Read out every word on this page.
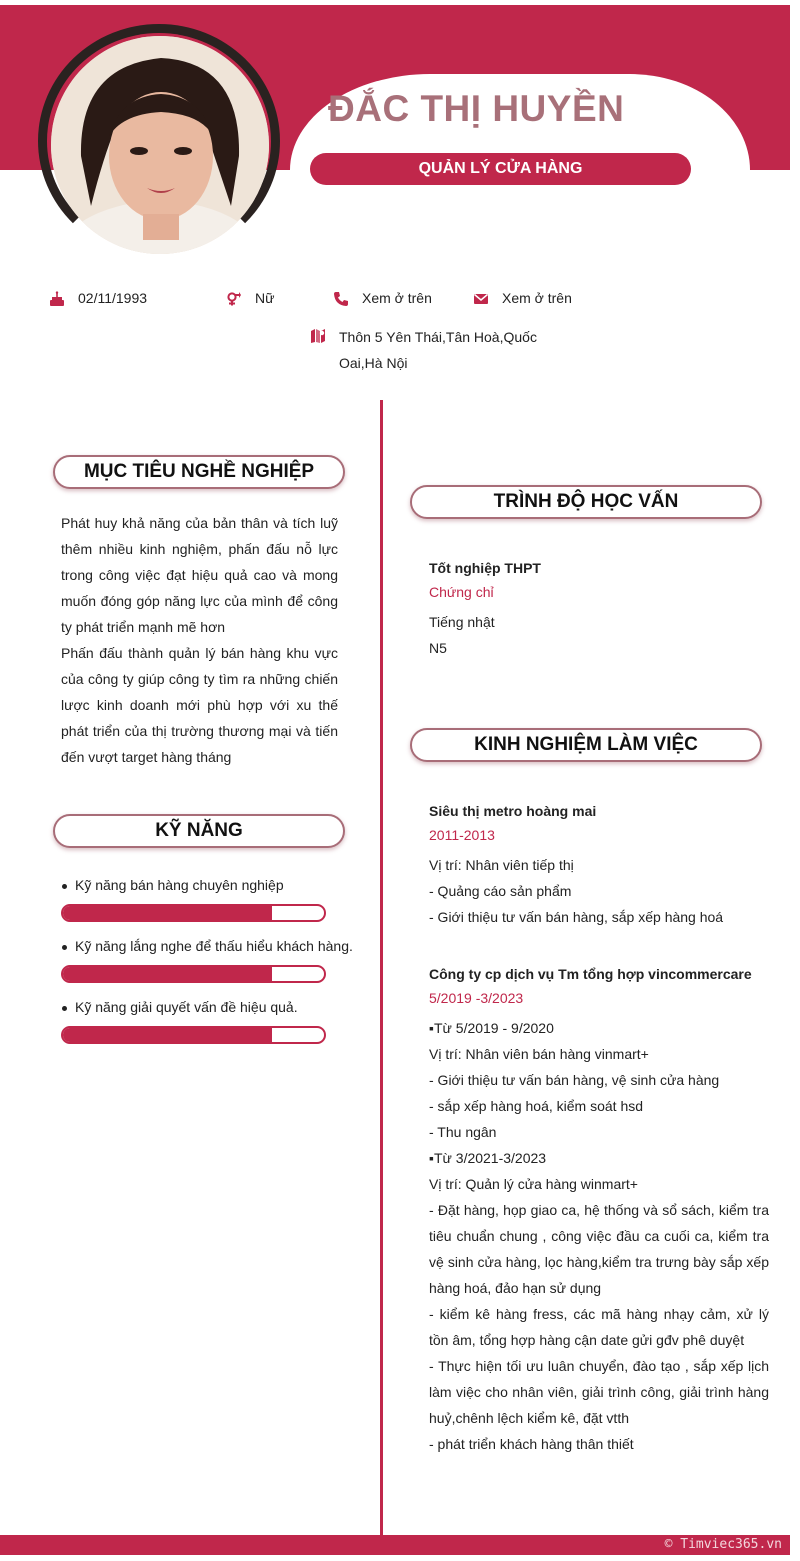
ĐẮC THỊ HUYỀN
QUẢN LÝ CỬA HÀNG
02/11/1993	Nữ	Xem ở trên	Xem ở trên
Thôn 5 Yên Thái,Tân Hoà,Quốc Oai,Hà Nội
MỤC TIÊU NGHỀ NGHIỆP
Phát huy khả năng của bản thân và tích luỹ thêm nhiều kinh nghiệm, phấn đấu nỗ lực trong công việc đạt hiệu quả cao và mong muốn đóng góp năng lực của mình để công ty phát triển mạnh mẽ hơn
Phấn đấu thành quản lý bán hàng khu vực của công ty giúp công ty tìm ra những chiến lược kinh doanh mới phù hợp với xu thế phát triển của thị trường thương mại và tiến đến vượt target hàng tháng
KỸ NĂNG
Kỹ năng bán hàng chuyên nghiệp
Kỹ năng lắng nghe để thấu hiểu khách hàng.
Kỹ năng giải quyết vấn đề hiệu quả.
TRÌNH ĐỘ HỌC VẤN
Tốt nghiệp THPT
Chứng chỉ
Tiếng nhật
N5
KINH NGHIỆM LÀM VIỆC
Siêu thị metro hoàng mai
2011-2013
Vị trí: Nhân viên tiếp thị
- Quảng cáo sản phẩm
- Giới thiệu tư vấn bán hàng, sắp xếp hàng hoá
Công ty cp dịch vụ Tm tổng hợp vincommercare
5/2019 -3/2023
▪Từ 5/2019 - 9/2020
Vị trí: Nhân viên bán hàng vinmart+
- Giới thiệu tư vấn bán hàng, vệ sinh cửa hàng
- sắp xếp hàng hoá, kiểm soát hsd
- Thu ngân
▪Từ 3/2021-3/2023
Vị trí: Quản lý cửa hàng winmart+
- Đặt hàng, họp giao ca, hệ thống và sổ sách, kiểm tra tiêu chuẩn chung , công việc đầu ca cuối ca, kiểm tra vệ sinh cửa hàng, lọc hàng,kiểm tra trưng bày sắp xếp hàng hoá, đảo hạn sử dụng
- kiểm kê hàng fress, các mã hàng nhạy cảm, xử lý tồn âm, tổng hợp hàng cận date gửi gđv phê duyệt
- Thực hiện tối ưu luân chuyển, đào tạo , sắp xếp lịch làm việc cho nhân viên, giải trình công, giải trình hàng huỷ,chênh lệch kiểm kê, đặt vtth
- phát triển khách hàng thân thiết
© Timviec365.vn
